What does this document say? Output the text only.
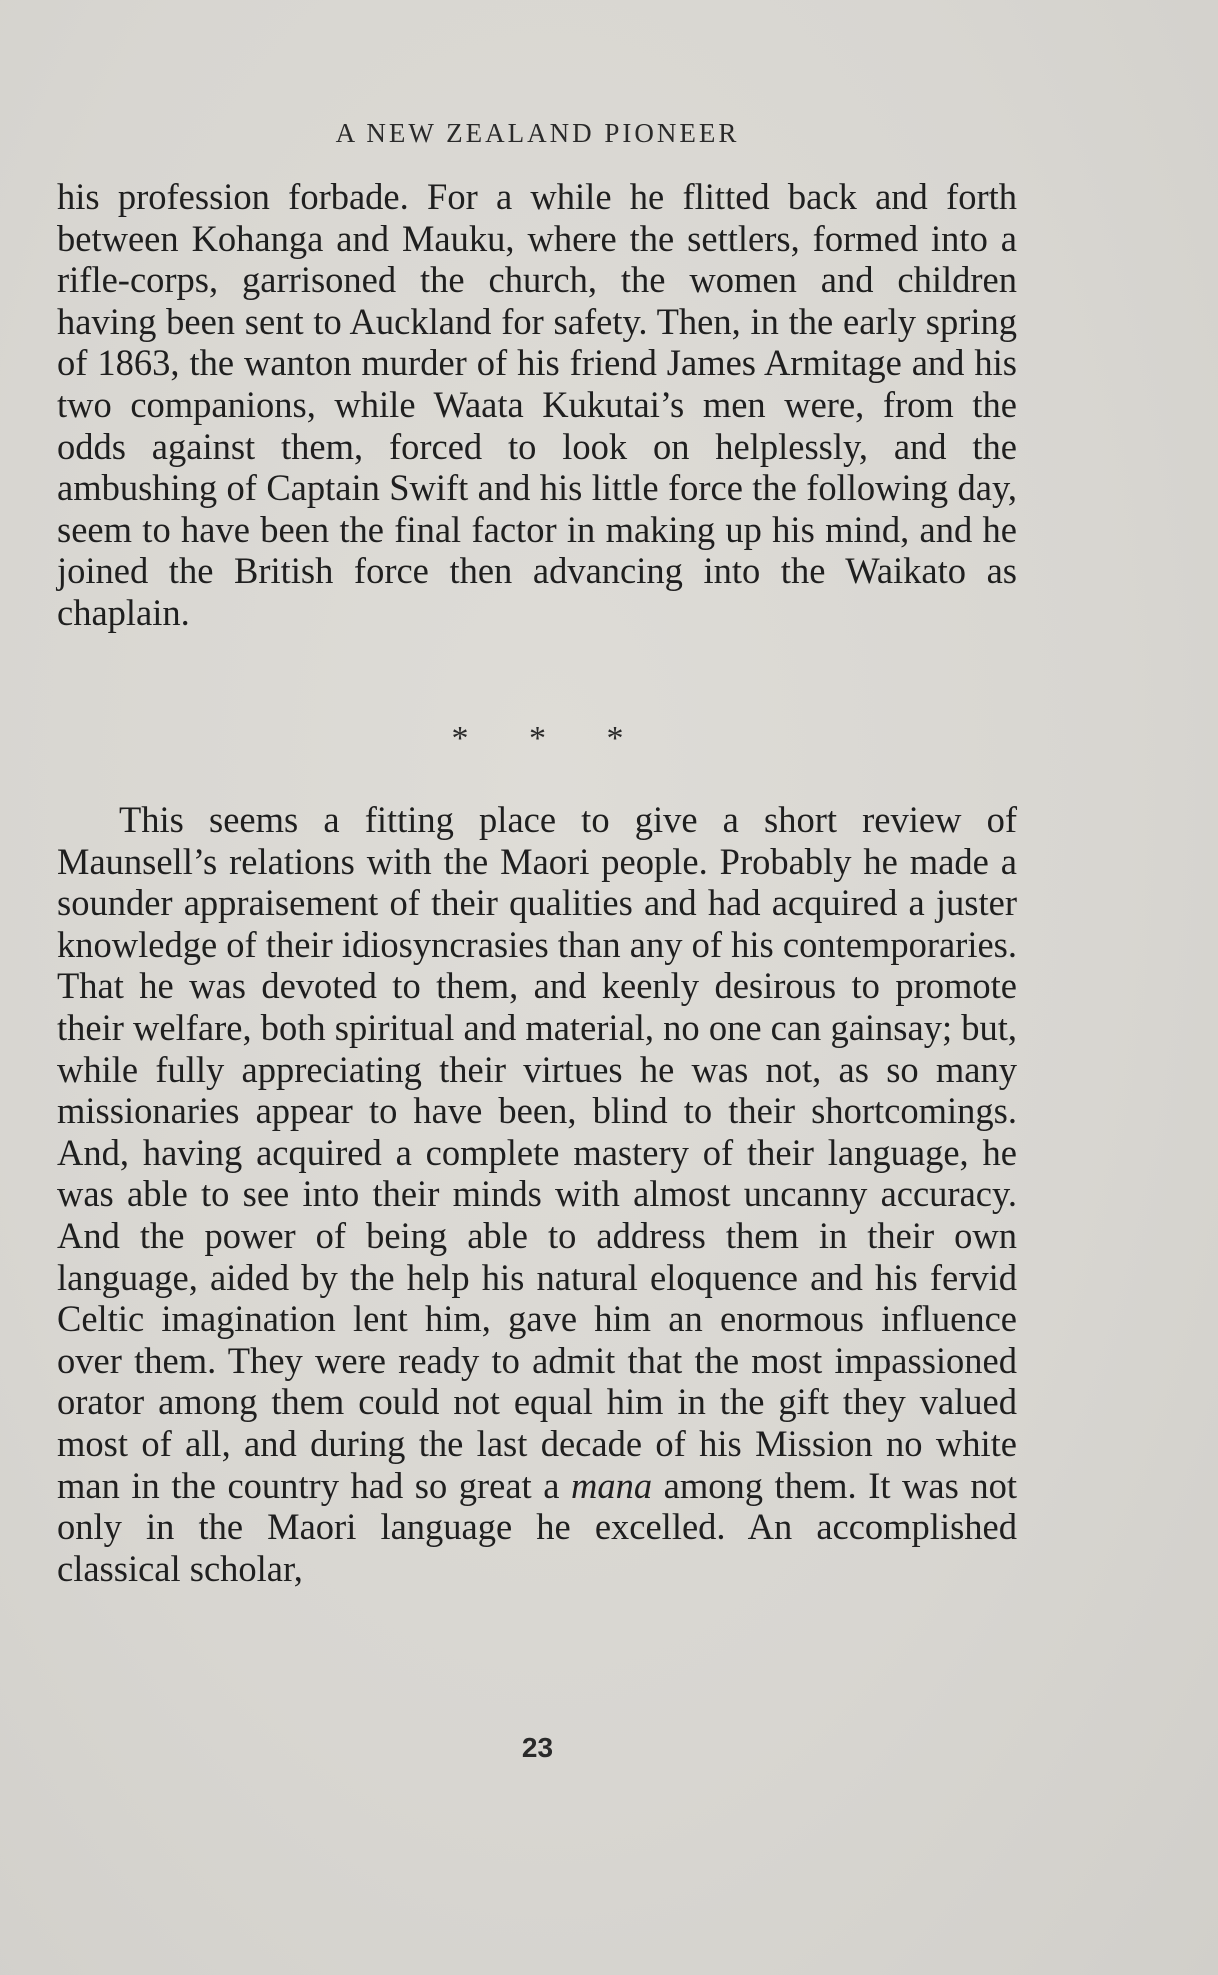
A NEW ZEALAND PIONEER

his profession forbade. For a while he flitted back and forth between Kohanga and Mauku, where the settlers, formed into a rifle-corps, garrisoned the church, the women and children having been sent to Auckland for safety. Then, in the early spring of 1863, the wanton murder of his friend James Armitage and his two companions, while Waata Kukutai’s men were, from the odds against them, forced to look on helplessly, and the ambushing of Captain Swift and his little force the following day, seem to have been the final factor in making up his mind, and he joined the British force then advancing into the Waikato as chaplain.

* * *

This seems a fitting place to give a short review of Maunsell’s relations with the Maori people. Probably he made a sounder appraisement of their qualities and had acquired a juster knowledge of their idiosyncrasies than any of his contemporaries. That he was devoted to them, and keenly desirous to promote their welfare, both spiritual and material, no one can gainsay; but, while fully appreciating their virtues he was not, as so many missionaries appear to have been, blind to their shortcomings. And, having acquired a complete mastery of their language, he was able to see into their minds with almost uncanny accuracy. And the power of being able to address them in their own language, aided by the help his natural eloquence and his fervid Celtic imagination lent him, gave him an enormous influence over them. They were ready to admit that the most impassioned orator among them could not equal him in the gift they valued most of all, and during the last decade of his Mission no white man in the country had so great a mana among them. It was not only in the Maori language he excelled. An accomplished classical scholar,

23
